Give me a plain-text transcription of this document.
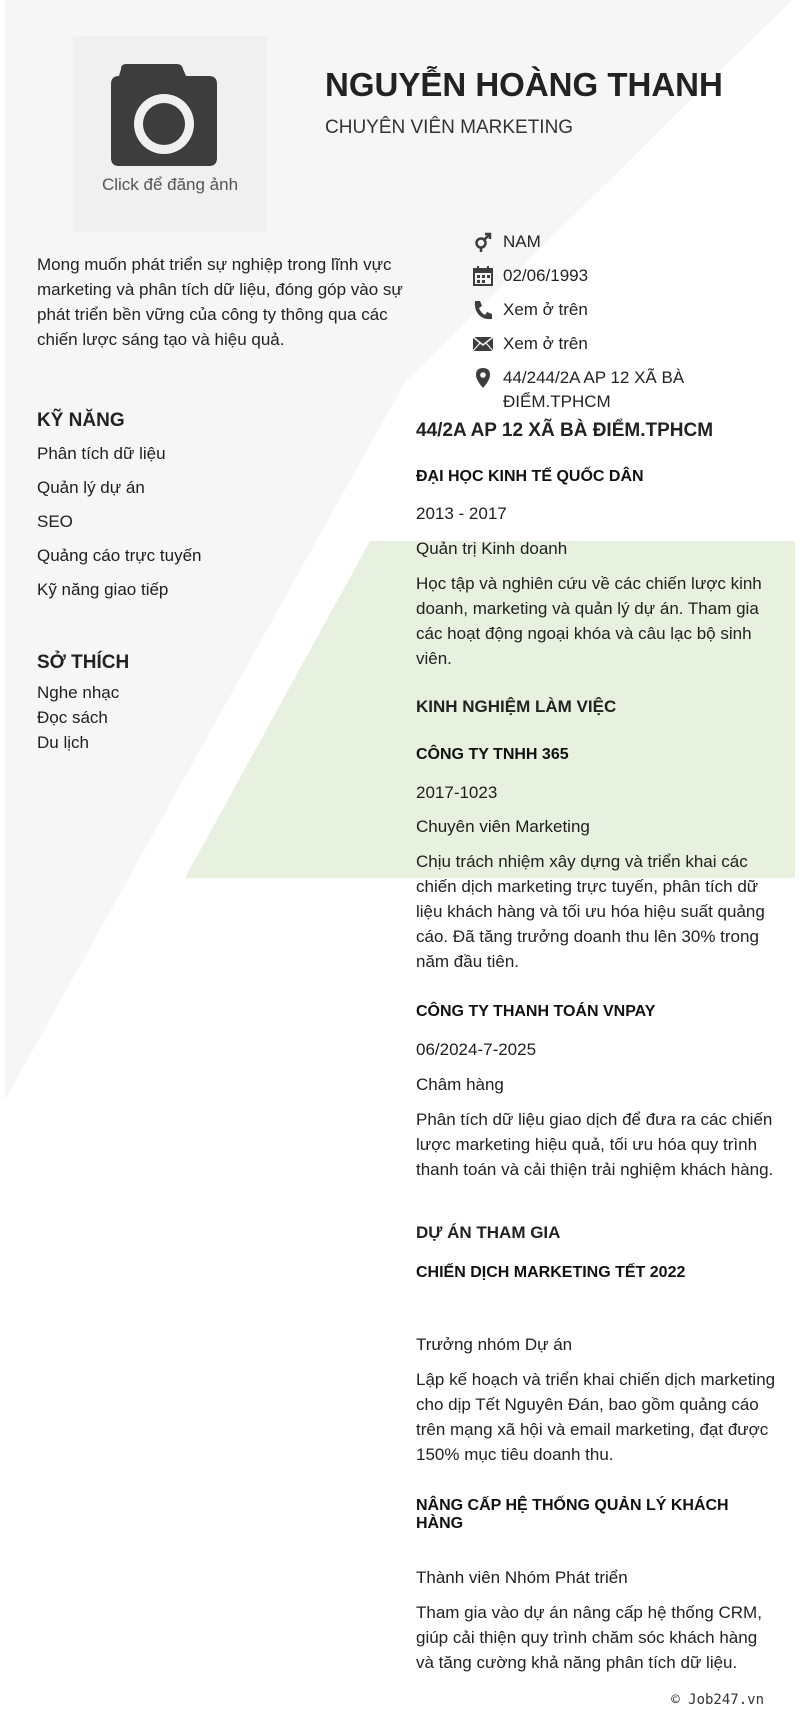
Click để đăng ảnh
NGUYỄN HOÀNG THANH
CHUYÊN VIÊN MARKETING
Mong muốn phát triển sự nghiệp trong lĩnh vực marketing và phân tích dữ liệu, đóng góp vào sự phát triển bền vững của công ty thông qua các chiến lược sáng tạo và hiệu quả.
NAM
02/06/1993
Xem ở trên
Xem ở trên
44/244/2A AP 12 XÃ BÀ ĐIỂM.TPHCM
KỸ NĂNG
Phân tích dữ liệu
Quản lý dự án
SEO
Quảng cáo trực tuyến
Kỹ năng giao tiếp
SỞ THÍCH
Nghe nhạc
Đọc sách
Du lịch
44/2A AP 12 XÃ BÀ ĐIỂM.TPHCM
ĐẠI HỌC KINH TẾ QUỐC DÂN
2013 - 2017
Quản trị Kinh doanh
Học tập và nghiên cứu về các chiến lược kinh doanh, marketing và quản lý dự án. Tham gia các hoạt động ngoại khóa và câu lạc bộ sinh viên.
KINH NGHIỆM LÀM VIỆC
CÔNG TY TNHH 365
2017-1023
Chuyên viên Marketing
Chịu trách nhiệm xây dựng và triển khai các chiến dịch marketing trực tuyến, phân tích dữ liệu khách hàng và tối ưu hóa hiệu suất quảng cáo. Đã tăng trưởng doanh thu lên 30% trong năm đầu tiên.
CÔNG TY THANH TOÁN VNPAY
06/2024-7-2025
Châm hàng
Phân tích dữ liệu giao dịch để đưa ra các chiến lược marketing hiệu quả, tối ưu hóa quy trình thanh toán và cải thiện trải nghiệm khách hàng.
DỰ ÁN THAM GIA
CHIẾN DỊCH MARKETING TẾT 2022
Trưởng nhóm Dự án
Lập kế hoạch và triển khai chiến dịch marketing cho dịp Tết Nguyên Đán, bao gồm quảng cáo trên mạng xã hội và email marketing, đạt được 150% mục tiêu doanh thu.
NÂNG CẤP HỆ THỐNG QUẢN LÝ KHÁCH HÀNG
Thành viên Nhóm Phát triển
Tham gia vào dự án nâng cấp hệ thống CRM, giúp cải thiện quy trình chăm sóc khách hàng và tăng cường khả năng phân tích dữ liệu.
© Job247.vn
